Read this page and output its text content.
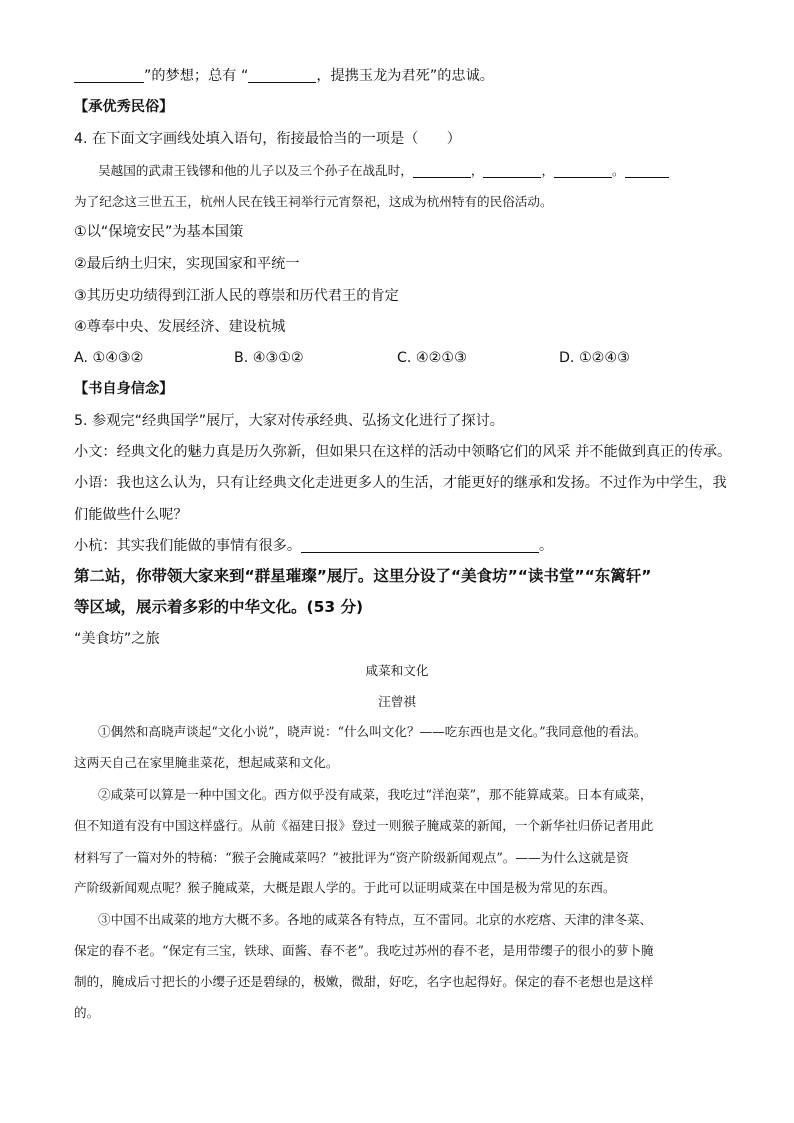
”的梦想；总有 “	，提携玉龙为君死”的忠诚。
【承优秀民俗】
4. 在下面文字画线处填入语句，衔接最恰当的一项是（　　）
吴越国的武肃王钱镠和他的儿子以及三个孙子在战乱时，	，	，	。
为了纪念这三世五王，杭州人民在钱王祠举行元宵祭祀，这成为杭州特有的民俗活动。
①以“保境安民”为基本国策
②最后纳土归宋，实现国家和平统一
③其历史功绩得到江浙人民的尊崇和历代君王的肯定
④尊奉中央、发展经济、建设杭城
A. ①④③②	B. ④③①②	C. ④②①③	D. ①②④③
【书自身信念】
5. 参观完“经典国学”展厅，大家对传承经典、弘扬文化进行了探讨。
小文：经典文化的魅力真是历久弥新，但如果只在这样的活动中领略它们的风采 并不能做到真正的传承。
小语：我也这么认为，只有让经典文化走进更多人的生活，才能更好的继承和发扬。不过作为中学生，我
们能做些什么呢？
小杭：其实我们能做的事情有很多。	。
第二站，你带领大家来到“群星璀璨”展厅。这里分设了“美食坊”“读书堂”“东篱轩”
等区域，展示着多彩的中华文化。(53 分)
“美食坊”之旅
咸菜和文化
汪曾祺
①偶然和高晓声谈起“文化小说”，晓声说：“什么叫文化？——吃东西也是文化。”我同意他的看法。
这两天自己在家里腌韭菜花，想起咸菜和文化。
②咸菜可以算是一种中国文化。西方似乎没有咸菜，我吃过“洋泡菜”，那不能算咸菜。日本有咸菜，
但不知道有没有中国这样盛行。从前《福建日报》登过一则猴子腌咸菜的新闻，一个新华社归侨记者用此
材料写了一篇对外的特稿：“猴子会腌咸菜吗？”被批评为“资产阶级新闻观点”。——为什么这就是资
产阶级新闻观点呢？猴子腌咸菜，大概是跟人学的。于此可以证明咸菜在中国是极为常见的东西。
③中国不出咸菜的地方大概不多。各地的咸菜各有特点，互不雷同。北京的水疙瘩、天津的津冬菜、
保定的春不老。“保定有三宝，铁球、面酱、春不老”。我吃过苏州的春不老，是用带缨子的很小的萝卜腌
制的，腌成后寸把长的小缨子还是碧绿的，极嫩，微甜，好吃，名字也起得好。保定的春不老想也是这样
的。
